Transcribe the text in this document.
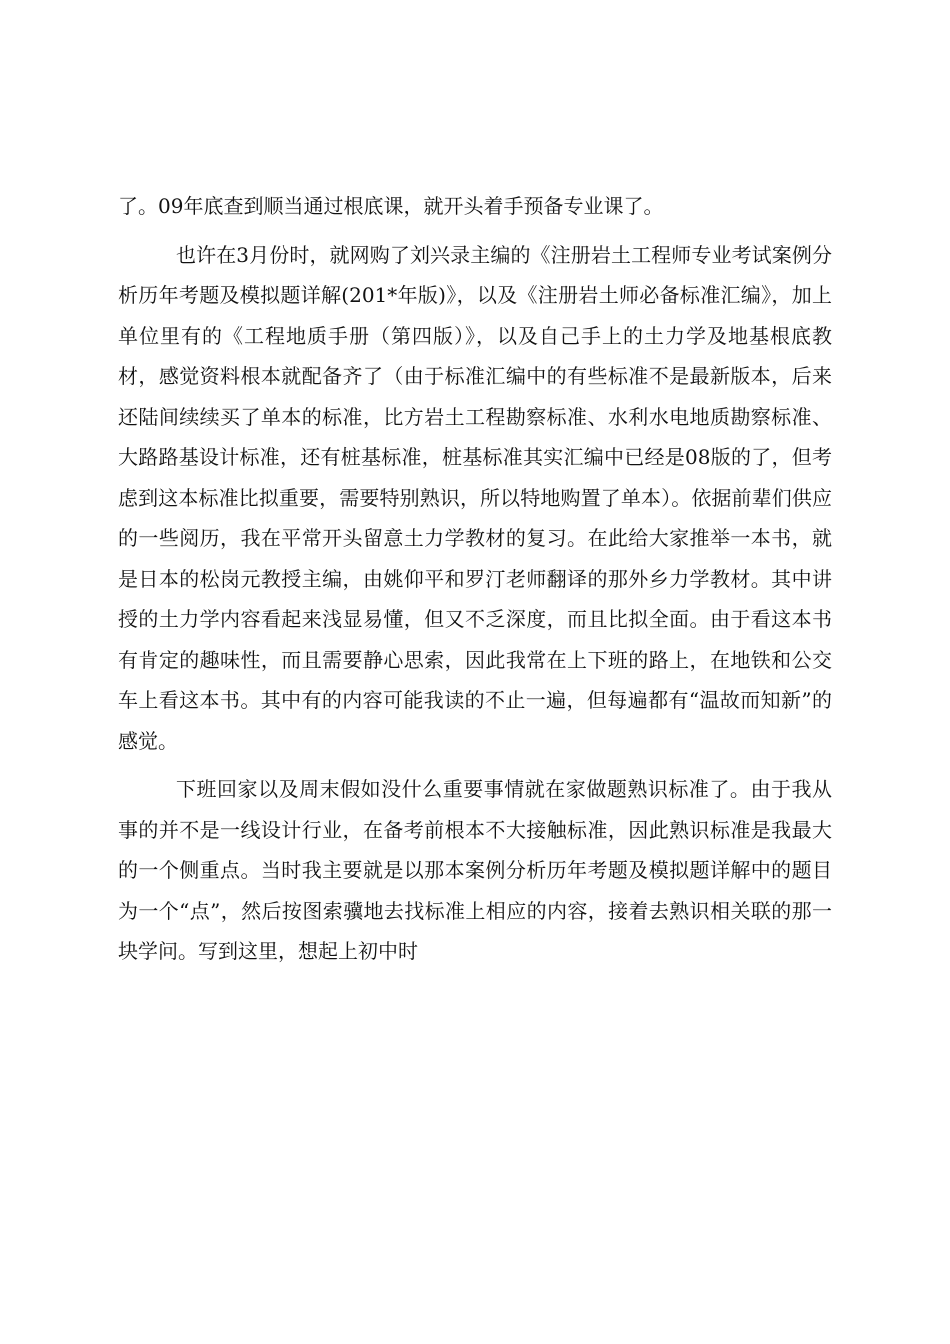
了。09年底查到顺当通过根底课，就开头着手预备专业课了。

也许在3月份时，就网购了刘兴录主编的《注册岩土工程师专业考试案例分析历年考题及模拟题详解(201*年版)》，以及《注册岩土师必备标准汇编》，加上单位里有的《工程地质手册（第四版）》，以及自己手上的土力学及地基根底教材，感觉资料根本就配备齐了（由于标准汇编中的有些标准不是最新版本，后来还陆间续续买了单本的标准，比方岩土工程勘察标准、水利水电地质勘察标准、大路路基设计标准，还有桩基标准，桩基标准其实汇编中已经是08版的了，但考虑到这本标准比拟重要，需要特别熟识，所以特地购置了单本）。依据前辈们供应的一些阅历，我在平常开头留意土力学教材的复习。在此给大家推举一本书，就是日本的松岗元教授主编，由姚仰平和罗汀老师翻译的那外乡力学教材。其中讲授的土力学内容看起来浅显易懂，但又不乏深度，而且比拟全面。由于看这本书有肯定的趣味性，而且需要静心思索，因此我常在上下班的路上，在地铁和公交车上看这本书。其中有的内容可能我读的不止一遍，但每遍都有“温故而知新”的感觉。

下班回家以及周末假如没什么重要事情就在家做题熟识标准了。由于我从事的并不是一线设计行业，在备考前根本不大接触标准，因此熟识标准是我最大的一个侧重点。当时我主要就是以那本案例分析历年考题及模拟题详解中的题目为一个“点”，然后按图索骥地去找标准上相应的内容，接着去熟识相关联的那一块学问。写到这里，想起上初中时
